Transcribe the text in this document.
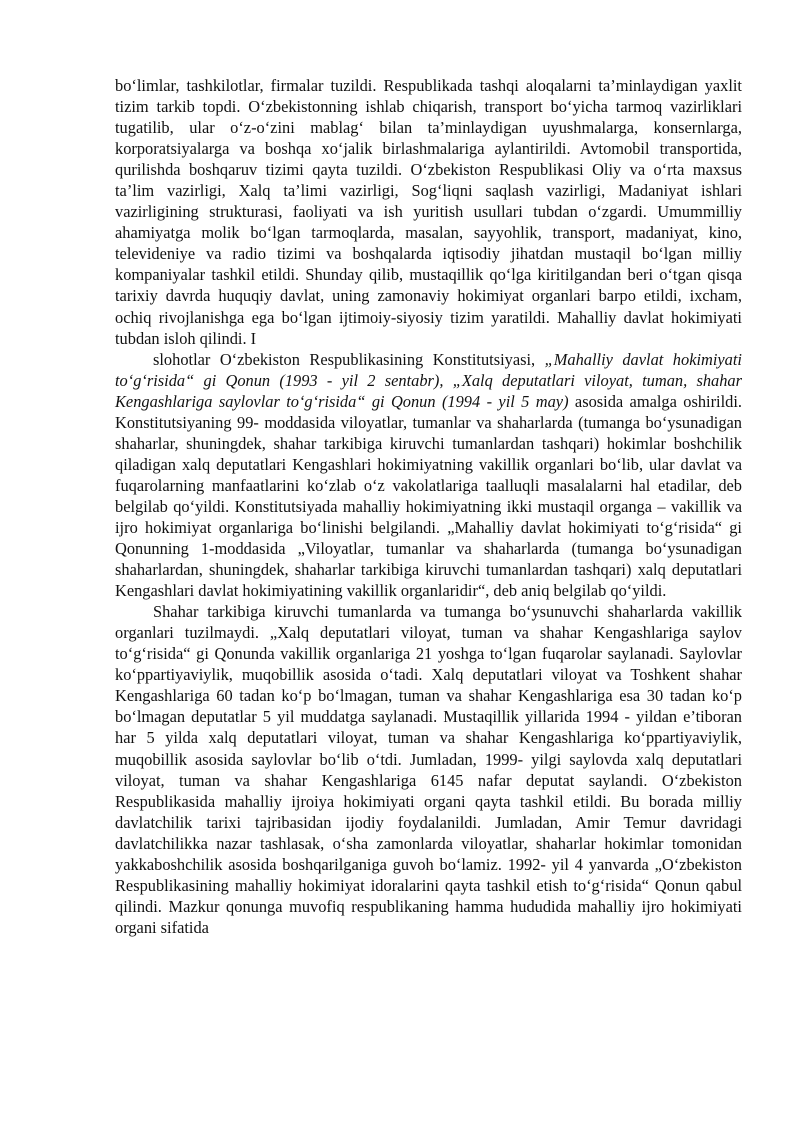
bo‘limlar, tashkilotlar, firmalar tuzildi. Respublikada tashqi aloqalarni ta’minlaydigan yaxlit tizim tarkib topdi. O‘zbekistonning ishlab chiqarish, transport bo‘yicha tarmoq vazirliklari tugatilib, ular o‘z-o‘zini mablag‘ bilan ta’minlaydigan uyushmalarga, konsernlarga, korporatsiyalarga va boshqa xo‘jalik birlashmalariga aylantirildi. Avtomobil transportida, qurilishda boshqaruv tizimi qayta tuzildi. O‘zbekiston Respublikasi Oliy va o‘rta maxsus ta’lim vazirligi, Xalq ta’limi vazirligi, Sog‘liqni saqlash vazirligi, Madaniyat ishlari vazirligining strukturasi, faoliyati va ish yuritish usullari tubdan o‘zgardi. Umummilliy ahamiyatga molik bo‘lgan tarmoqlarda, masalan, sayyohlik, transport, madaniyat, kino, televideniye va radio tizimi va boshqalarda iqtisodiy jihatdan mustaqil bo‘lgan milliy kompaniyalar tashkil etildi. Shunday qilib, mustaqillik qo‘lga kiritilgandan beri o‘tgan qisqa tarixiy davrda huquqiy davlat, uning zamonaviy hokimiyat organlari barpo etildi, ixcham, ochiq rivojlanishga ega bo‘lgan ijtimoiy-siyosiy tizim yaratildi. Mahalliy davlat hokimiyati tubdan isloh qilindi. I

slohotlar O‘zbekiston Respublikasining Konstitutsiyasi, „Mahalliy davlat hokimiyati to‘g‘risida“ gi Qonun (1993 - yil 2 sentabr), „Xalq deputatlari viloyat, tuman, shahar Kengashlariga saylovlar to‘g‘risida“ gi Qonun (1994 - yil 5 may) asosida amalga oshirildi. Konstitutsiyaning 99- moddasida viloyatlar, tumanlar va shaharlarda (tumanga bo‘ysunadigan shaharlar, shuningdek, shahar tarkibiga kiruvchi tumanlardan tashqari) hokimlar boshchilik qiladigan xalq deputatlari Kengashlari hokimiyatning vakillik organlari bo‘lib, ular davlat va fuqarolarning manfaatlarini ko‘zlab o‘z vakolatlariga taalluqli masalalarni hal etadilar, deb belgilab qo‘yildi. Konstitutsiyada mahalliy hokimiyatning ikki mustaqil organga – vakillik va ijro hokimiyat organlariga bo‘linishi belgilandi. „Mahalliy davlat hokimiyati to‘g‘risida“ gi Qonunning 1-moddasida „Viloyatlar, tumanlar va shaharlarda (tumanga bo‘ysunadigan shaharlardan, shuningdek, shaharlar tarkibiga kiruvchi tumanlardan tashqari) xalq deputatlari Kengashlari davlat hokimiyatining vakillik organlaridir“, deb aniq belgilab qo‘yildi.

Shahar tarkibiga kiruvchi tumanlarda va tumanga bo‘ysunuvchi shaharlarda vakillik organlari tuzilmaydi. „Xalq deputatlari viloyat, tuman va shahar Kengashlariga saylov to‘g‘risida“ gi Qonunda vakillik organlariga 21 yoshga to‘lgan fuqarolar saylanadi. Saylovlar ko‘ppartiyaviylik, muqobillik asosida o‘tadi. Xalq deputatlari viloyat va Toshkent shahar Kengashlariga 60 tadan ko‘p bo‘lmagan, tuman va shahar Kengashlariga esa 30 tadan ko‘p bo‘lmagan deputatlar 5 yil muddatga saylanadi. Mustaqillik yillarida 1994 - yildan e’tiboran har 5 yilda xalq deputatlari viloyat, tuman va shahar Kengashlariga ko‘ppartiyaviylik, muqobillik asosida saylovlar bo‘lib o‘tdi. Jumladan, 1999- yilgi saylovda xalq deputatlari viloyat, tuman va shahar Kengashlariga 6145 nafar deputat saylandi. O‘zbekiston Respublikasida mahalliy ijroiya hokimiyati organi qayta tashkil etildi. Bu borada milliy davlatchilik tarixi tajribasidan ijodiy foydalanildi. Jumladan, Amir Temur davridagi davlatchilikka nazar tashlasak, o‘sha zamonlarda viloyatlar, shaharlar hokimlar tomonidan yakkaboshchilik asosida boshqarilganiga guvoh bo‘lamiz. 1992- yil 4 yanvarda „O‘zbekiston Respublikasining mahalliy hokimiyat idoralarini qayta tashkil etish to‘g‘risida“ Qonun qabul qilindi. Mazkur qonunga muvofiq respublikaning hamma hududida mahalliy ijro hokimiyati organi sifatida
